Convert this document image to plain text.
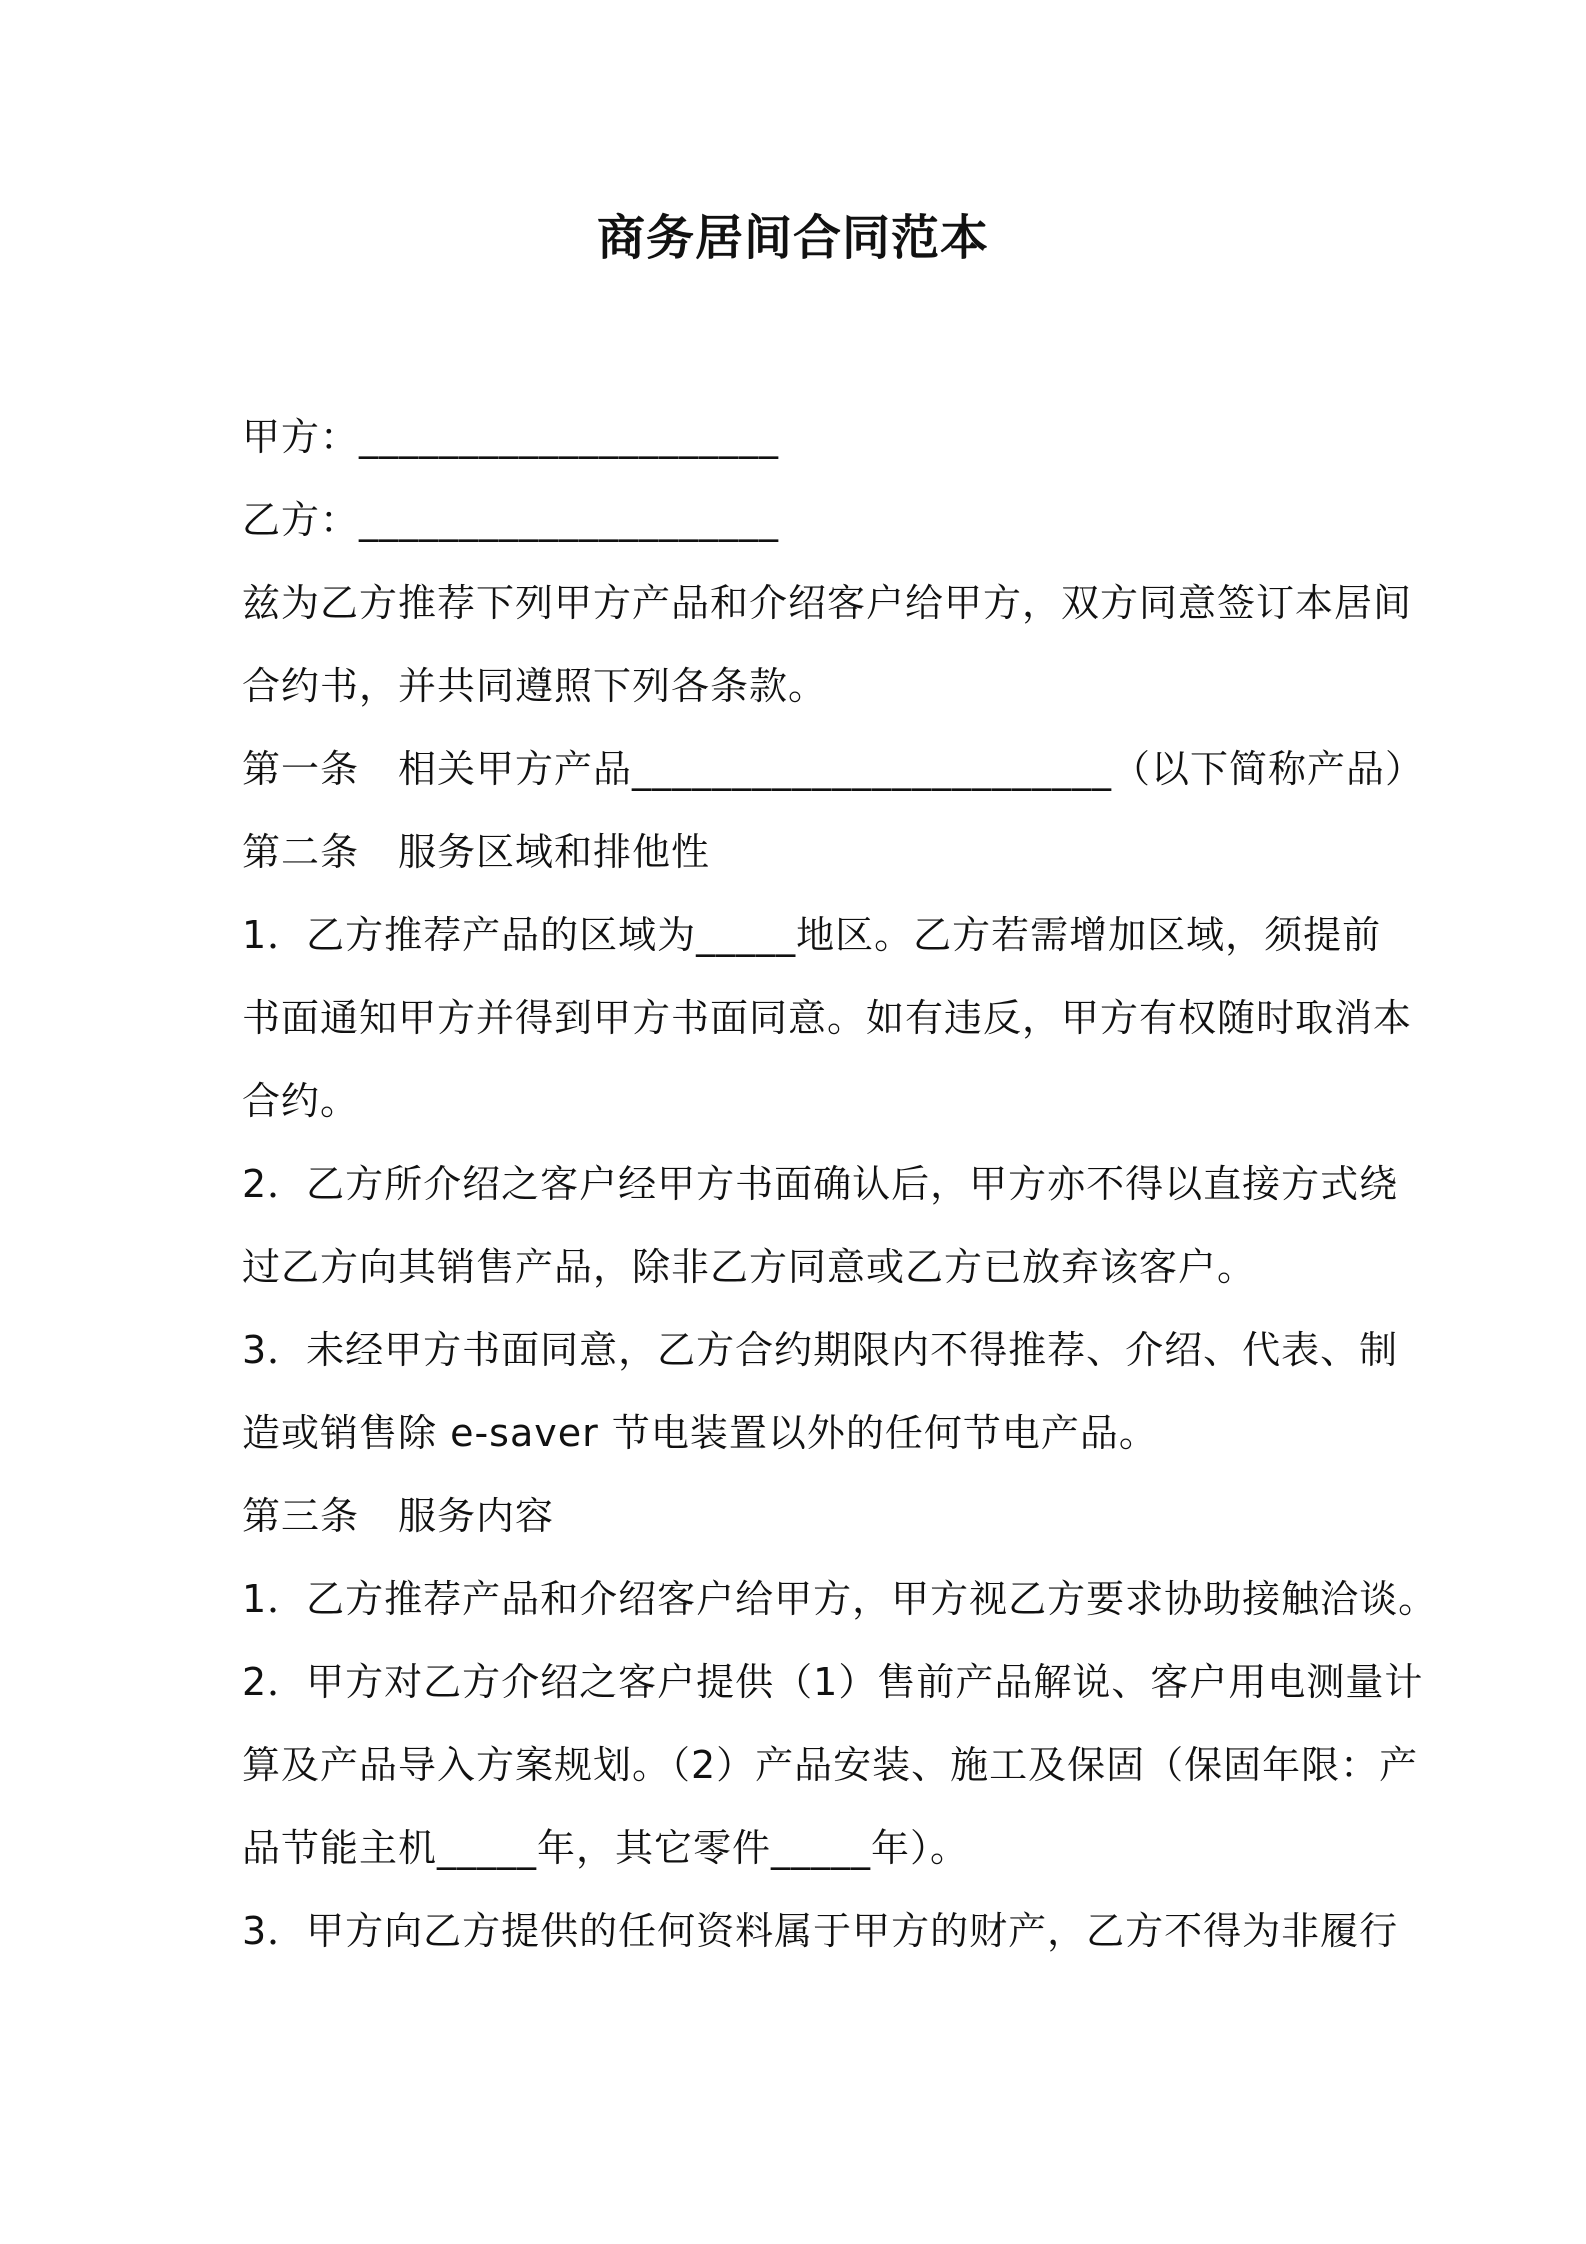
商务居间合同范本
甲方：_____________________
乙方：_____________________
兹为乙方推荐下列甲方产品和介绍客户给甲方，双方同意签订本居间
合约书，并共同遵照下列各条款。
第一条　相关甲方产品________________________（以下简称产品）
第二条　服务区域和排他性
1．乙方推荐产品的区域为_____地区。乙方若需增加区域，须提前
书面通知甲方并得到甲方书面同意。如有违反，甲方有权随时取消本
合约。
2．乙方所介绍之客户经甲方书面确认后，甲方亦不得以直接方式绕
过乙方向其销售产品，除非乙方同意或乙方已放弃该客户。
3．未经甲方书面同意，乙方合约期限内不得推荐、介绍、代表、制
造或销售除 e-saver 节电装置以外的任何节电产品。
第三条　服务内容
1．乙方推荐产品和介绍客户给甲方，甲方视乙方要求协助接触洽谈。
2．甲方对乙方介绍之客户提供（1）售前产品解说、客户用电测量计
算及产品导入方案规划。（2）产品安装、施工及保固（保固年限：产
品节能主机_____年，其它零件_____年）。
3．甲方向乙方提供的任何资料属于甲方的财产，乙方不得为非履行
